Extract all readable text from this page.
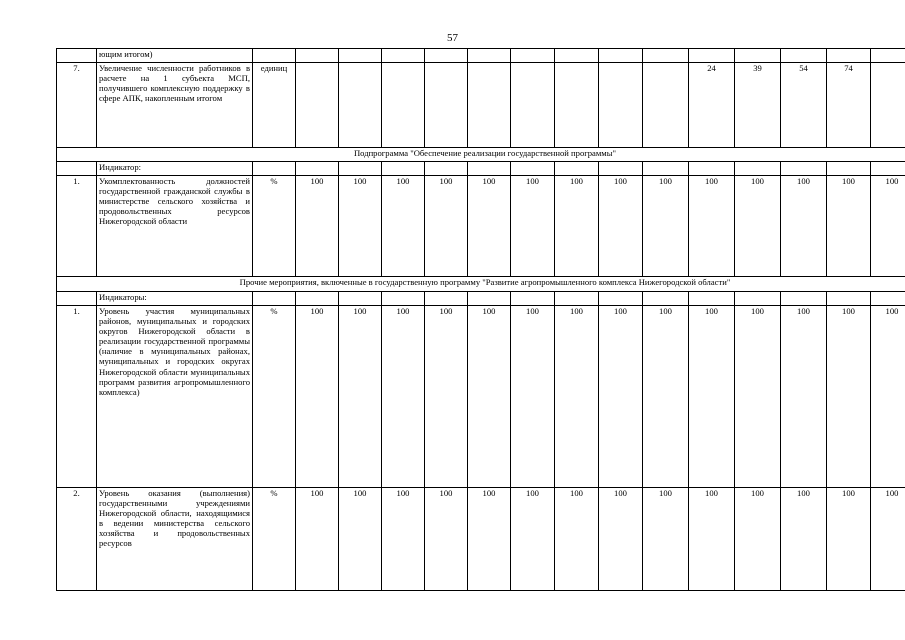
57
	ющим итогом)															
7.	Увеличение численности работников в расчете на 1 субъекта МСП, получившего комплексную поддержку в сфере АПК, накопленным итогом	единиц										24	39	54	74	
Подпрограмма "Обеспечение реализации государственной программы"																
	Индикатор:															
1.	Укомплектованность должностей государственной гражданской службы в министерстве сельского хозяйства и продовольственных ресурсов Нижегородской области	%	100	100	100	100	100	100	100	100	100	100	100	100	100	100
Прочие мероприятия, включенные в государственную программу "Развитие агропромышленного комплекса Нижегородской области"																
	Индикаторы:															
1.	Уровень участия муниципальных районов, муниципальных и городских округов Нижегородской области в реализации государственной программы (наличие в муниципальных районах, муниципальных и городских округах Нижегородской области муниципальных программ развития агропромышленного комплекса)	%	100	100	100	100	100	100	100	100	100	100	100	100	100	100
2.	Уровень оказания (выполнения) государственными учреждениями Нижегородской области, находящимися в ведении министерства сельского хозяйства и продовольственных ресурсов	%	100	100	100	100	100	100	100	100	100	100	100	100	100	100
